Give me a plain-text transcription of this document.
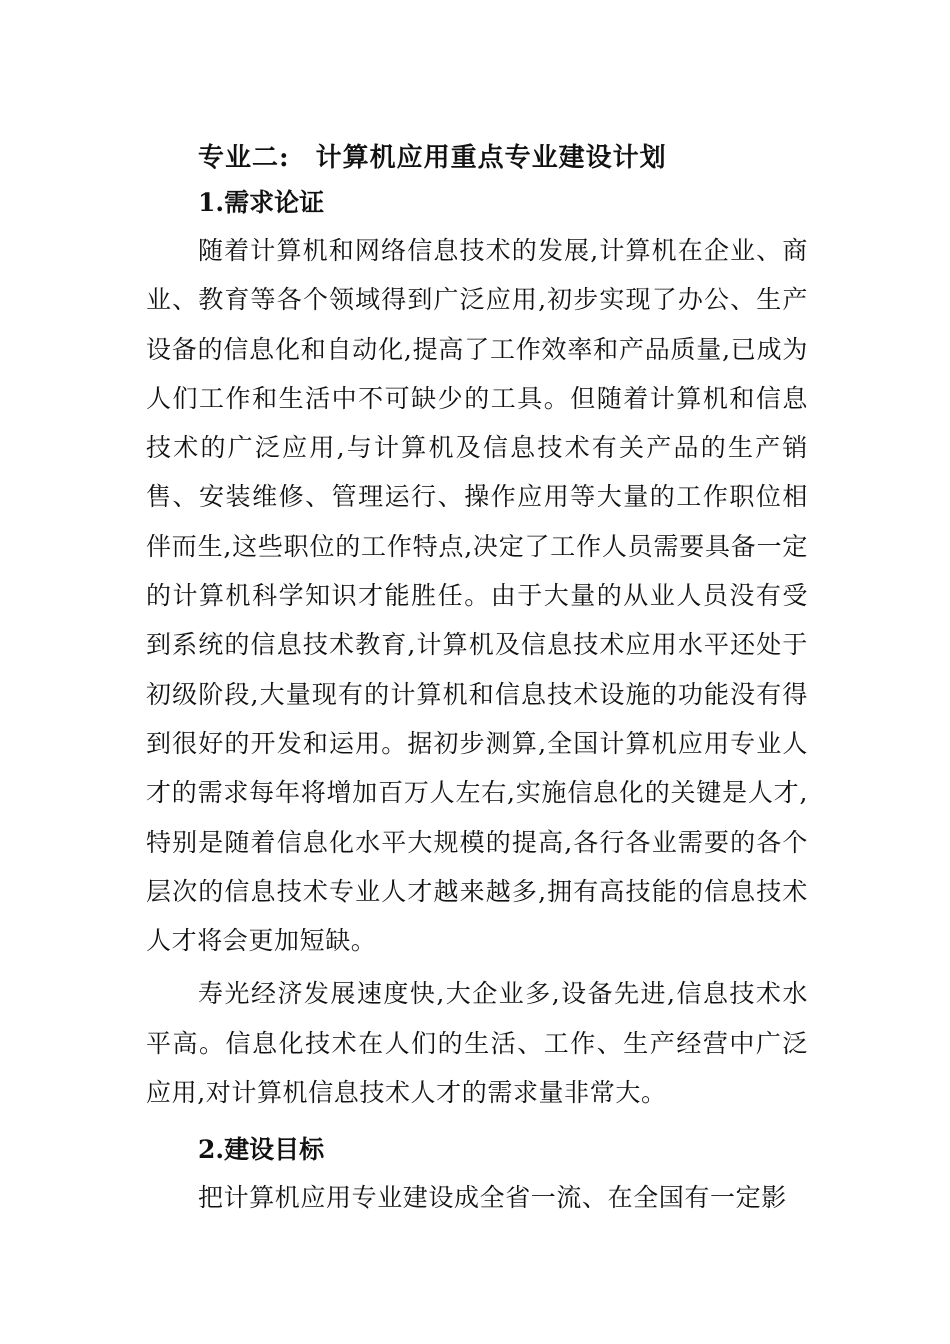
专业二: 计算机应用重点专业建设计划
1.需求论证

随着计算机和网络信息技术的发展,计算机在企业、商业、教育等各个领域得到广泛应用,初步实现了办公、生产设备的信息化和自动化,提高了工作效率和产品质量,已成为人们工作和生活中不可缺少的工具。但随着计算机和信息技术的广泛应用,与计算机及信息技术有关产品的生产销售、安装维修、管理运行、操作应用等大量的工作职位相伴而生,这些职位的工作特点,决定了工作人员需要具备一定的计算机科学知识才能胜任。由于大量的从业人员没有受到系统的信息技术教育,计算机及信息技术应用水平还处于初级阶段,大量现有的计算机和信息技术设施的功能没有得到很好的开发和运用。据初步测算,全国计算机应用专业人才的需求每年将增加百万人左右,实施信息化的关键是人才,特别是随着信息化水平大规模的提高,各行各业需要的各个层次的信息技术专业人才越来越多,拥有高技能的信息技术人才将会更加短缺。

寿光经济发展速度快,大企业多,设备先进,信息技术水平高。信息化技术在人们的生活、工作、生产经营中广泛应用,对计算机信息技术人才的需求量非常大。

2.建设目标

把计算机应用专业建设成全省一流、在全国有一定影
